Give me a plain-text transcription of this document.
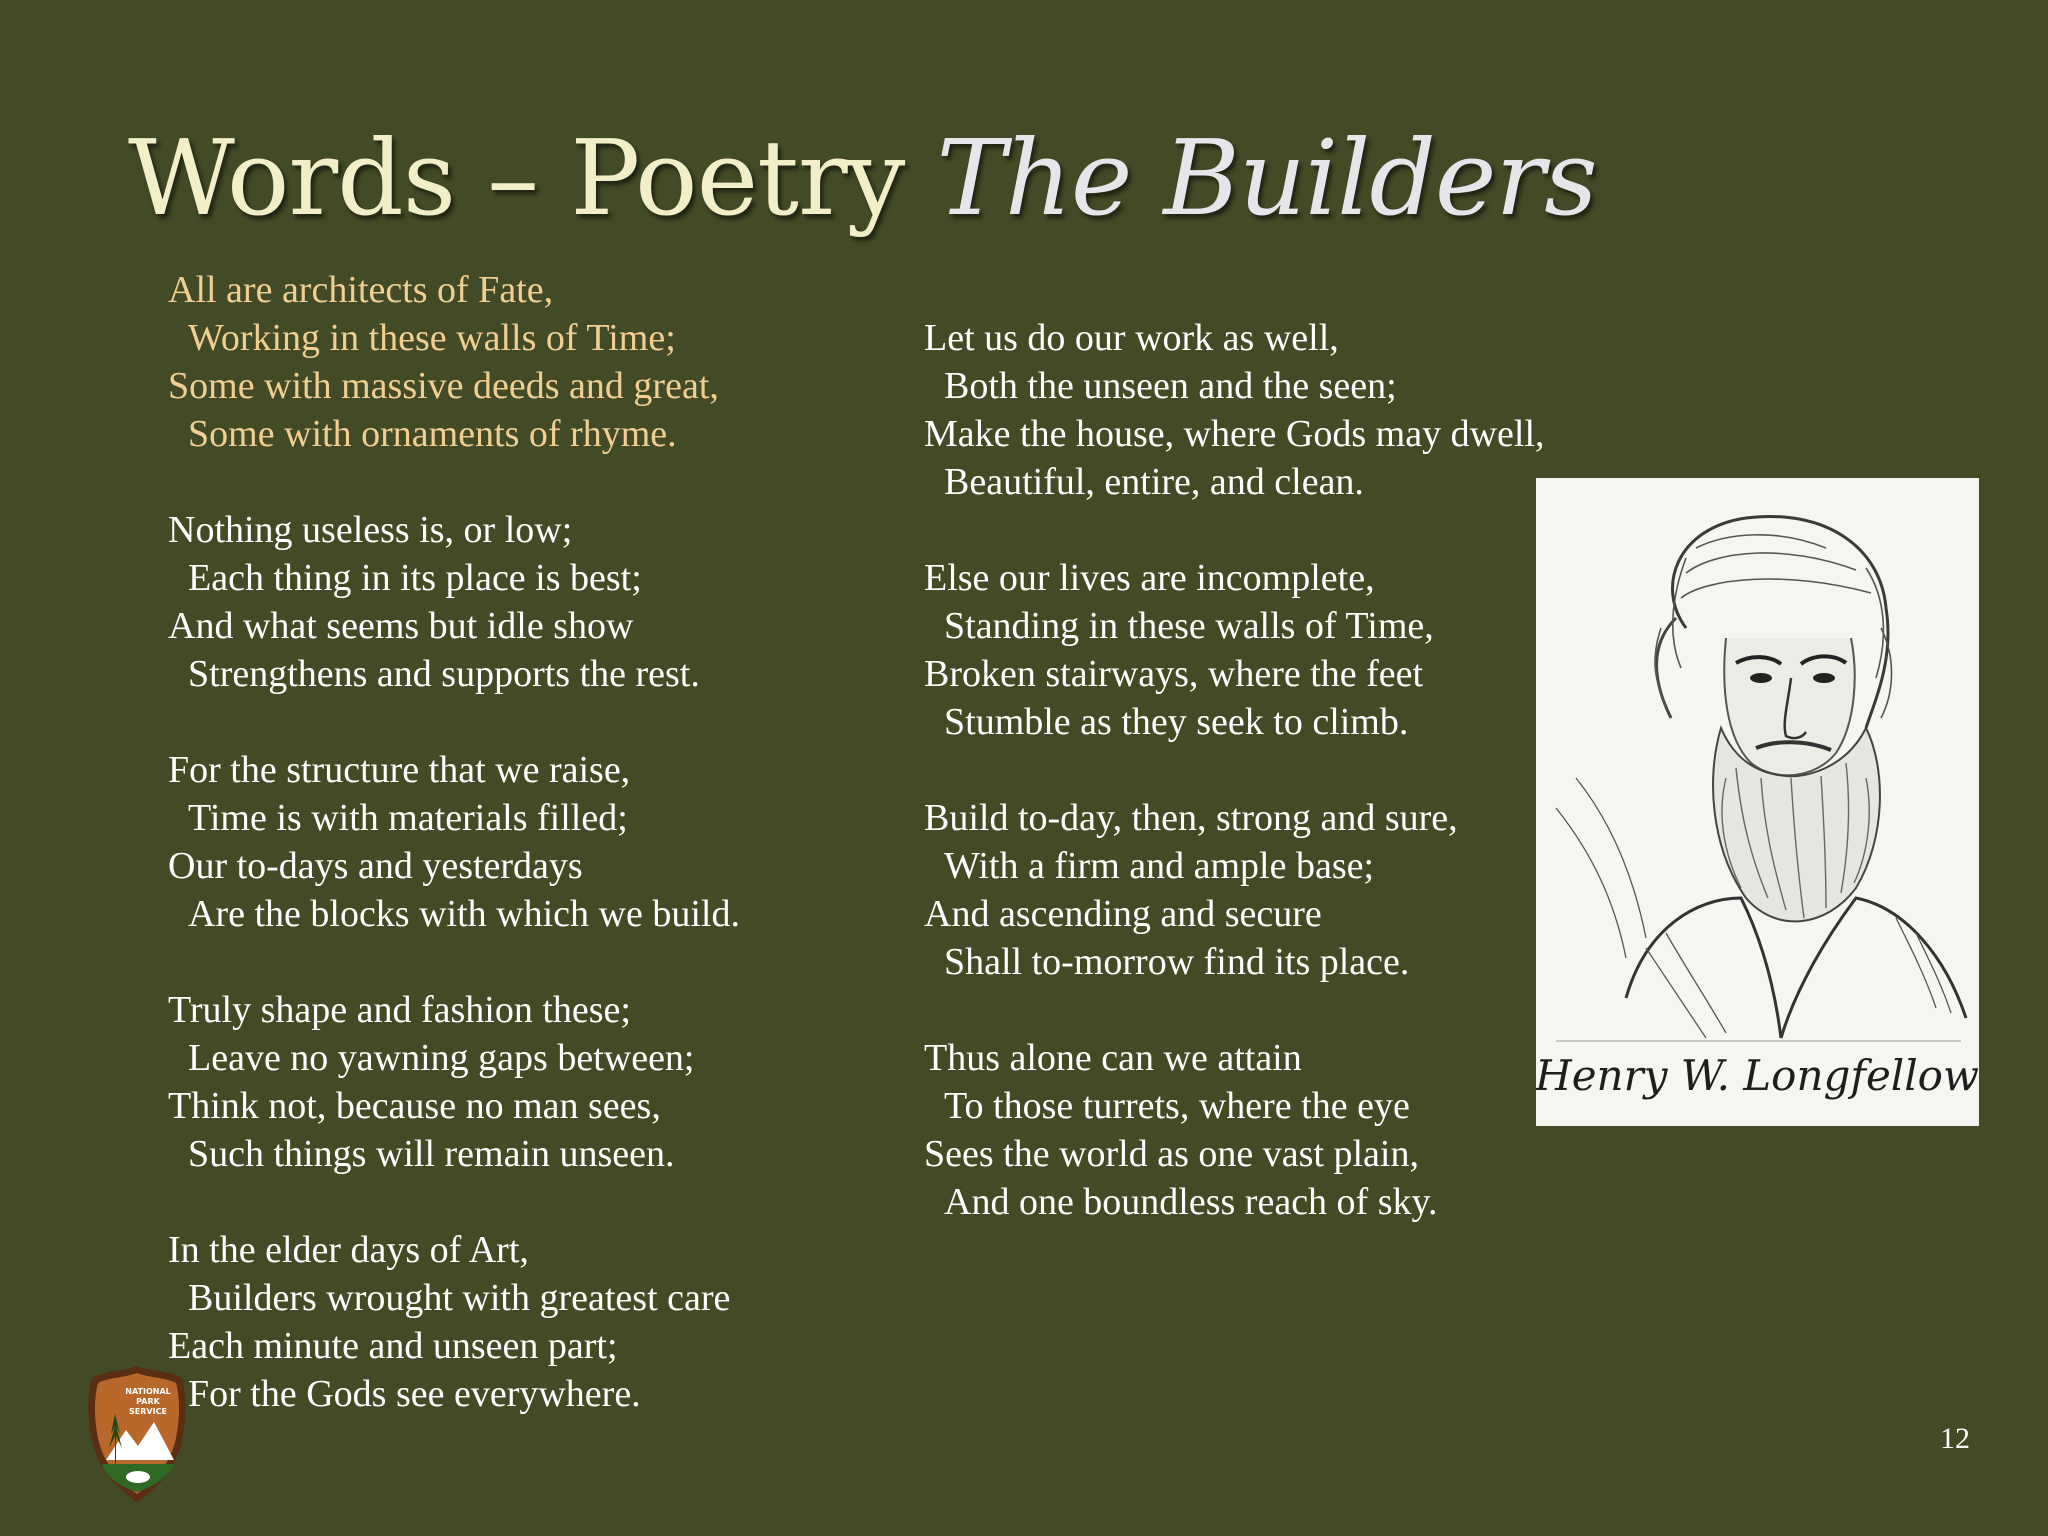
Words – Poetry The Builders
All are architects of Fate,
Working in these walls of Time;
Some with massive deeds and great,
Some with ornaments of rhyme.
Nothing useless is, or low;
Each thing in its place is best;
And what seems but idle show
Strengthens and supports the rest.
For the structure that we raise,
Time is with materials filled;
Our to-days and yesterdays
Are the blocks with which we build.
Truly shape and fashion these;
Leave no yawning gaps between;
Think not, because no man sees,
Such things will remain unseen.
In the elder days of Art,
Builders wrought with greatest care
Each minute and unseen part;
For the Gods see everywhere.
Let us do our work as well,
Both the unseen and the seen;
Make the house, where Gods may dwell,
Beautiful, entire, and clean.
Else our lives are incomplete,
Standing in these walls of Time,
Broken stairways, where the feet
Stumble as they seek to climb.
Build to-day, then, strong and sure,
With a firm and ample base;
And ascending and secure
Shall to-morrow find its place.
Thus alone can we attain
To those turrets, where the eye
Sees the world as one vast plain,
And one boundless reach of sky.
Henry W. Longfellow
NATIONAL
PARK
SERVICE
12
